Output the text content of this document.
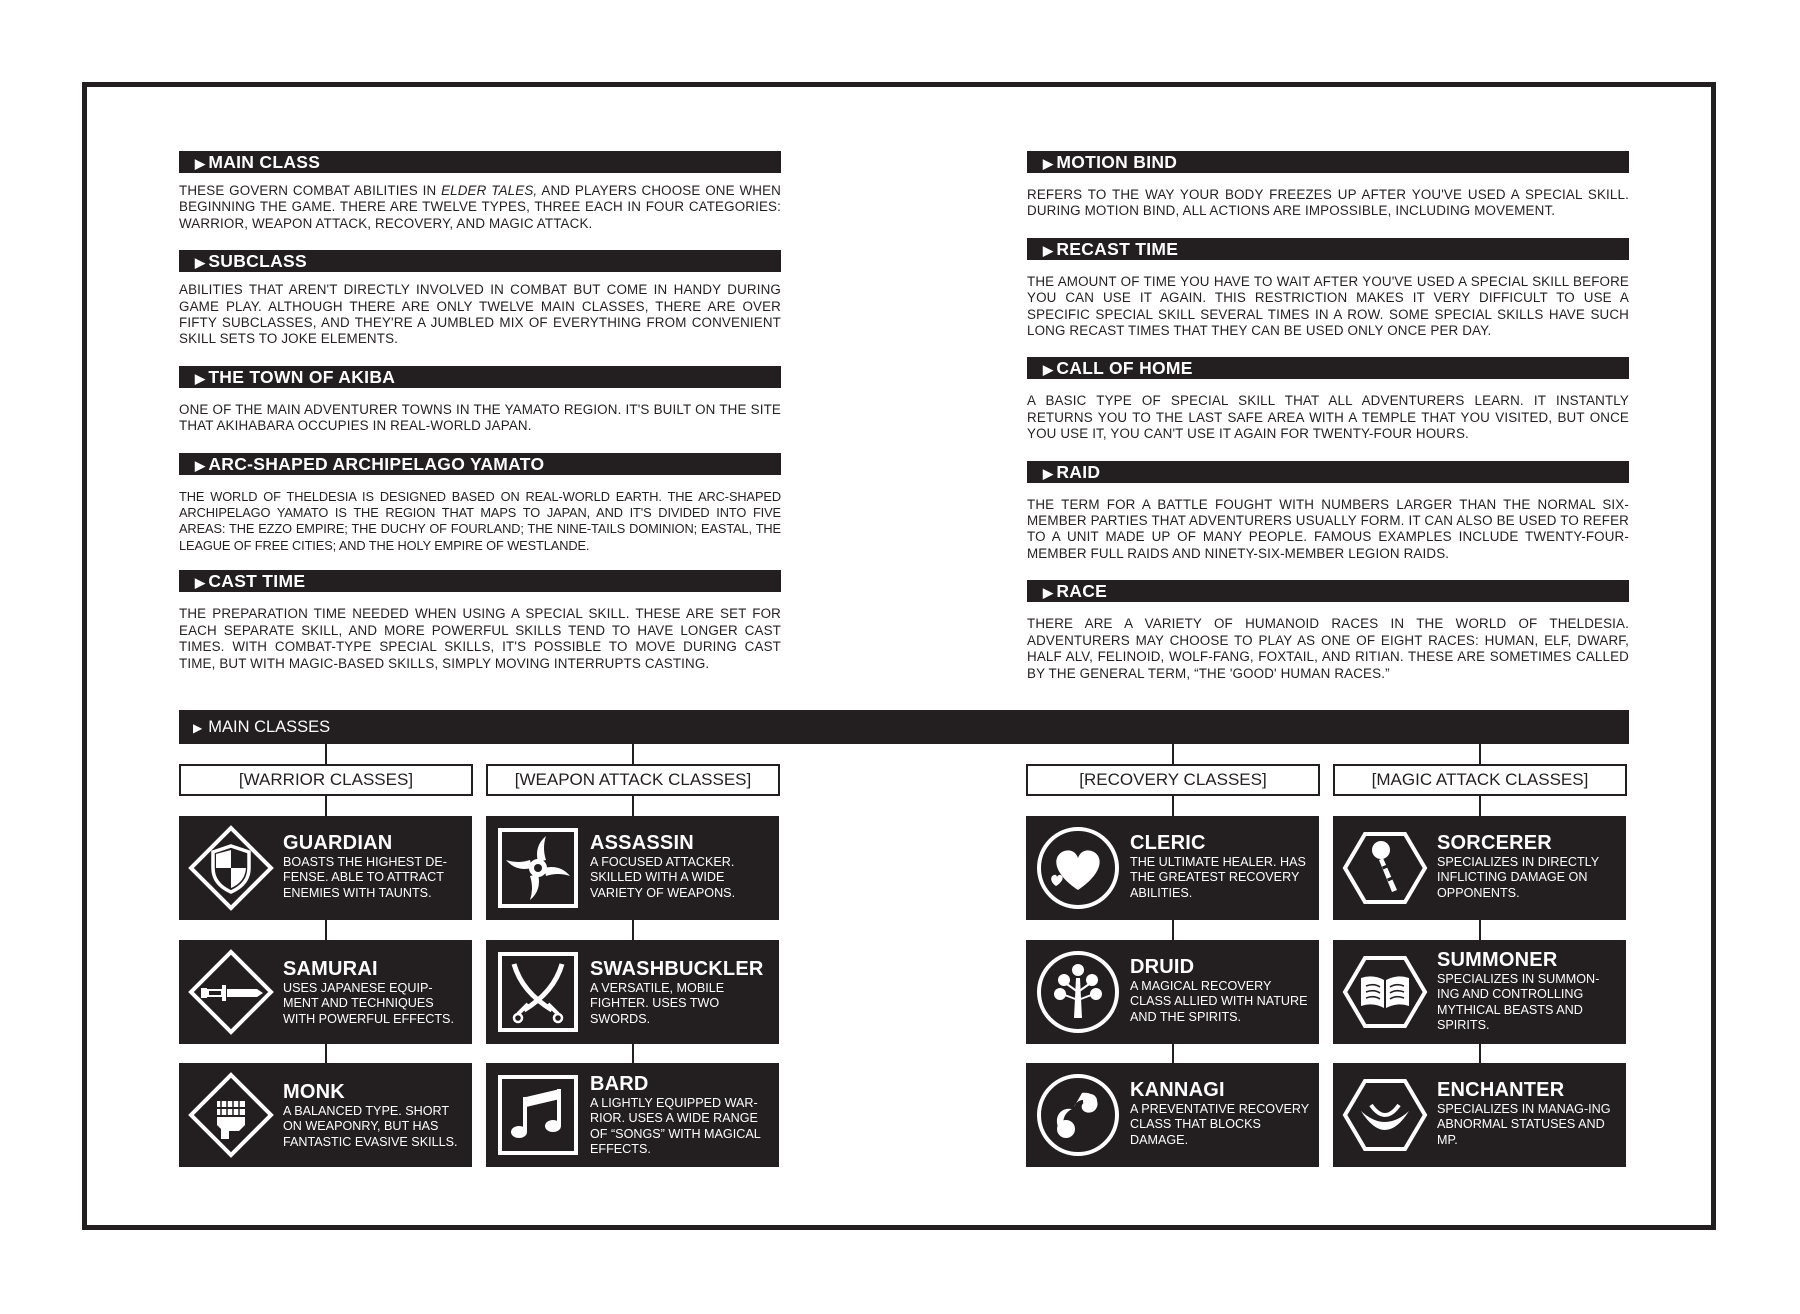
▶ MAIN CLASS

THESE GOVERN COMBAT ABILITIES IN ELDER TALES, AND PLAYERS CHOOSE ONE WHEN BEGINNING THE GAME. THERE ARE TWELVE TYPES, THREE EACH IN FOUR CATEGORIES: WARRIOR, WEAPON ATTACK, RECOVERY, AND MAGIC ATTACK.

▶ SUBCLASS

ABILITIES THAT AREN'T DIRECTLY INVOLVED IN COMBAT BUT COME IN HANDY DURING GAME PLAY. ALTHOUGH THERE ARE ONLY TWELVE MAIN CLASSES, THERE ARE OVER FIFTY SUBCLASSES, AND THEY'RE A JUMBLED MIX OF EVERYTHING FROM CONVENIENT SKILL SETS TO JOKE ELEMENTS.

▶ THE TOWN OF AKIBA

ONE OF THE MAIN ADVENTURER TOWNS IN THE YAMATO REGION. IT'S BUILT ON THE SITE THAT AKIHABARA OCCUPIES IN REAL-WORLD JAPAN.

▶ ARC-SHAPED ARCHIPELAGO YAMATO

THE WORLD OF THELDESIA IS DESIGNED BASED ON REAL-WORLD EARTH. THE ARC-SHAPED ARCHIPELAGO YAMATO IS THE REGION THAT MAPS TO JAPAN, AND IT'S DIVIDED INTO FIVE AREAS: THE EZZO EMPIRE; THE DUCHY OF FOURLAND; THE NINE-TAILS DOMINION; EASTAL, THE LEAGUE OF FREE CITIES; AND THE HOLY EMPIRE OF WESTLANDE.

▶ CAST TIME

THE PREPARATION TIME NEEDED WHEN USING A SPECIAL SKILL. THESE ARE SET FOR EACH SEPARATE SKILL, AND MORE POWERFUL SKILLS TEND TO HAVE LONGER CAST TIMES. WITH COMBAT-TYPE SPECIAL SKILLS, IT'S POSSIBLE TO MOVE DURING CAST TIME, BUT WITH MAGIC-BASED SKILLS, SIMPLY MOVING INTERRUPTS CASTING.

▶ MOTION BIND

REFERS TO THE WAY YOUR BODY FREEZES UP AFTER YOU'VE USED A SPECIAL SKILL. DURING MOTION BIND, ALL ACTIONS ARE IMPOSSIBLE, INCLUDING MOVEMENT.

▶ RECAST TIME

THE AMOUNT OF TIME YOU HAVE TO WAIT AFTER YOU'VE USED A SPECIAL SKILL BEFORE YOU CAN USE IT AGAIN. THIS RESTRICTION MAKES IT VERY DIFFICULT TO USE A SPECIFIC SPECIAL SKILL SEVERAL TIMES IN A ROW. SOME SPECIAL SKILLS HAVE SUCH LONG RECAST TIMES THAT THEY CAN BE USED ONLY ONCE PER DAY.

▶ CALL OF HOME

A BASIC TYPE OF SPECIAL SKILL THAT ALL ADVENTURERS LEARN. IT INSTANTLY RETURNS YOU TO THE LAST SAFE AREA WITH A TEMPLE THAT YOU VISITED, BUT ONCE YOU USE IT, YOU CAN'T USE IT AGAIN FOR TWENTY-FOUR HOURS.

▶ RAID

THE TERM FOR A BATTLE FOUGHT WITH NUMBERS LARGER THAN THE NORMAL SIX-MEMBER PARTIES THAT ADVENTURERS USUALLY FORM. IT CAN ALSO BE USED TO REFER TO A UNIT MADE UP OF MANY PEOPLE. FAMOUS EXAMPLES INCLUDE TWENTY-FOUR-MEMBER FULL RAIDS AND NINETY-SIX-MEMBER LEGION RAIDS.

▶ RACE

THERE ARE A VARIETY OF HUMANOID RACES IN THE WORLD OF THELDESIA. ADVENTURERS MAY CHOOSE TO PLAY AS ONE OF EIGHT RACES: HUMAN, ELF, DWARF, HALF ALV, FELINOID, WOLF-FANG, FOXTAIL, AND RITIAN. THESE ARE SOMETIMES CALLED BY THE GENERAL TERM, “THE 'GOOD' HUMAN RACES.”

▶ MAIN CLASSES
[WARRIOR CLASSES]	[WEAPON ATTACK CLASSES]	[RECOVERY CLASSES]	[MAGIC ATTACK CLASSES]
GUARDIAN
BOASTS THE HIGHEST DE-FENSE. ABLE TO ATTRACT ENEMIES WITH TAUNTS.
SAMURAI
USES JAPANESE EQUIP-MENT AND TECHNIQUES WITH POWERFUL EFFECTS.
MONK
A BALANCED TYPE. SHORT ON WEAPONRY, BUT HAS FANTASTIC EVASIVE SKILLS.
ASSASSIN
A FOCUSED ATTACKER. SKILLED WITH A WIDE VARIETY OF WEAPONS.
SWASHBUCKLER
A VERSATILE, MOBILE FIGHTER. USES TWO SWORDS.
BARD
A LIGHTLY EQUIPPED WAR-RIOR. USES A WIDE RANGE OF “SONGS” WITH MAGICAL EFFECTS.
CLERIC
THE ULTIMATE HEALER. HAS THE GREATEST RECOVERY ABILITIES.
DRUID
A MAGICAL RECOVERY CLASS ALLIED WITH NATURE AND THE SPIRITS.
KANNAGI
A PREVENTATIVE RECOVERY CLASS THAT BLOCKS DAMAGE.
SORCERER
SPECIALIZES IN DIRECTLY INFLICTING DAMAGE ON OPPONENTS.
SUMMONER
SPECIALIZES IN SUMMON-ING AND CONTROLLING MYTHICAL BEASTS AND SPIRITS.
ENCHANTER
SPECIALIZES IN MANAG-ING ABNORMAL STATUSES AND MP.
